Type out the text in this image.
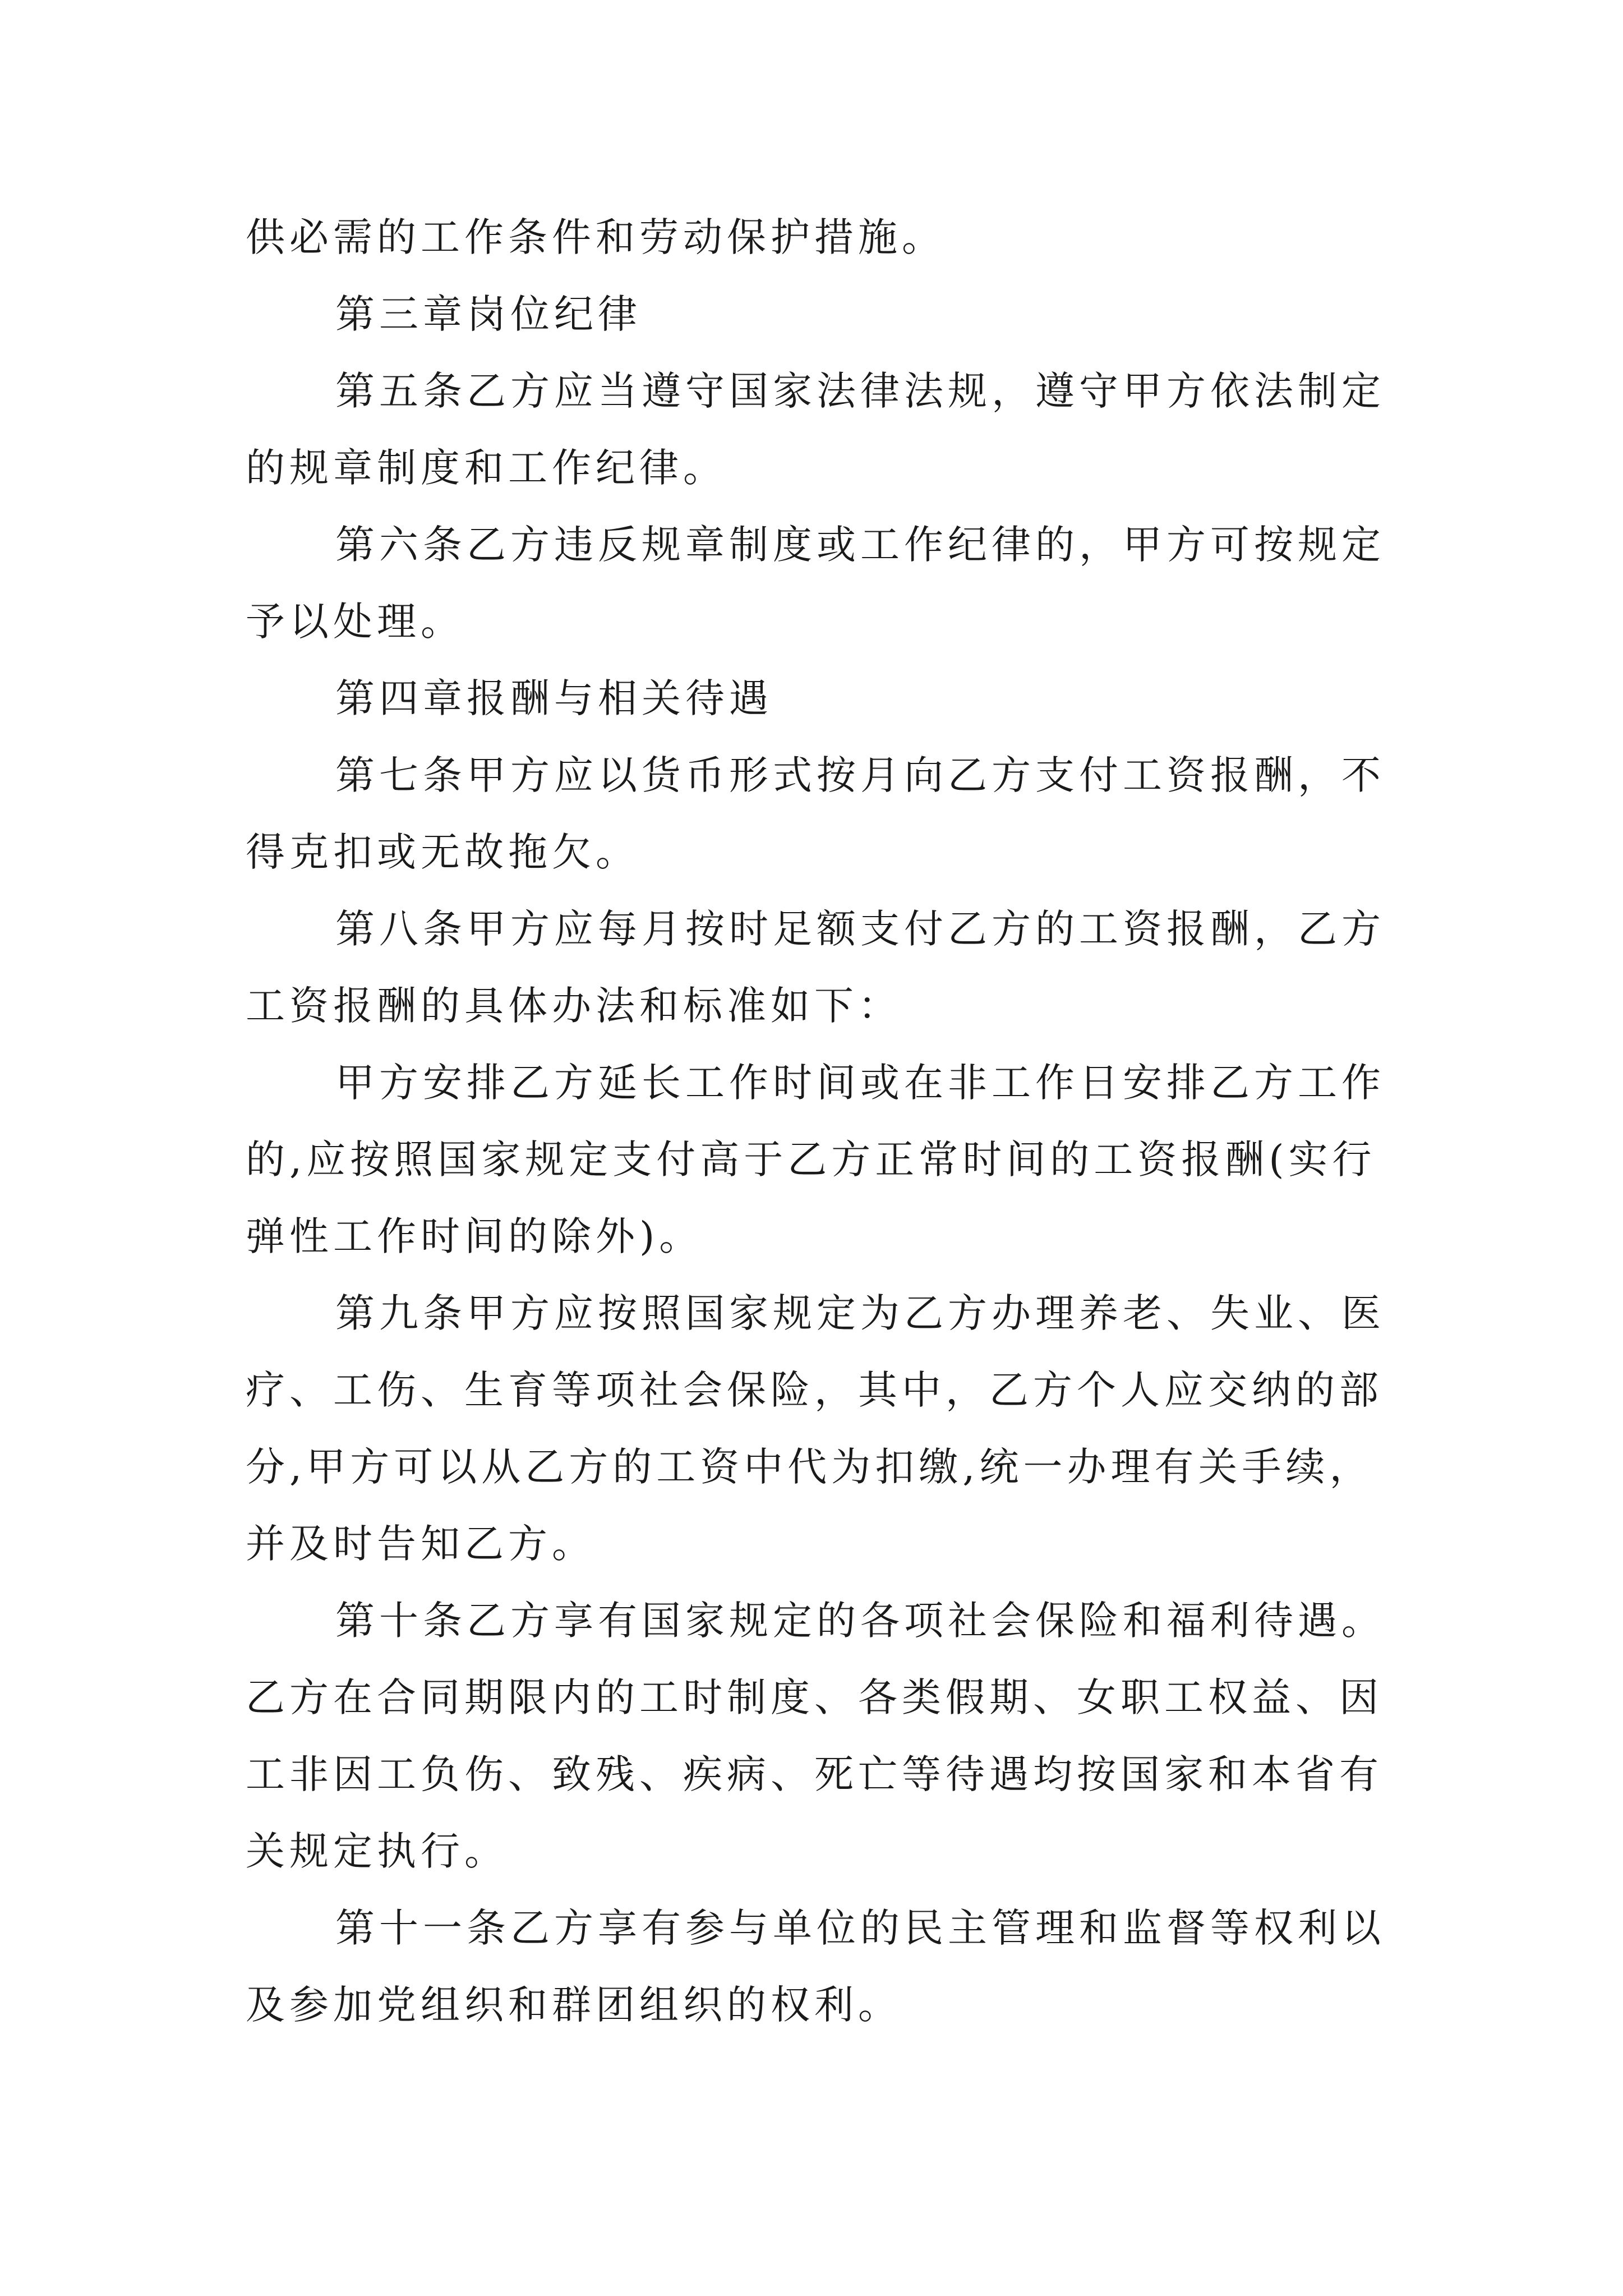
供必需的工作条件和劳动保护措施。

第三章岗位纪律

第五条乙方应当遵守国家法律法规，遵守甲方依法制定的规章制度和工作纪律。

第六条乙方违反规章制度或工作纪律的，甲方可按规定予以处理。

第四章报酬与相关待遇

第七条甲方应以货币形式按月向乙方支付工资报酬，不得克扣或无故拖欠。

第八条甲方应每月按时足额支付乙方的工资报酬，乙方工资报酬的具体办法和标准如下：

甲方安排乙方延长工作时间或在非工作日安排乙方工作的,应按照国家规定支付高于乙方正常时间的工资报酬(实行弹性工作时间的除外)。

第九条甲方应按照国家规定为乙方办理养老、失业、医疗、工伤、生育等项社会保险，其中，乙方个人应交纳的部分,甲方可以从乙方的工资中代为扣缴,统一办理有关手续，并及时告知乙方。

第十条乙方享有国家规定的各项社会保险和福利待遇。乙方在合同期限内的工时制度、各类假期、女职工权益、因工非因工负伤、致残、疾病、死亡等待遇均按国家和本省有关规定执行。

第十一条乙方享有参与单位的民主管理和监督等权利以及参加党组织和群团组织的权利。
